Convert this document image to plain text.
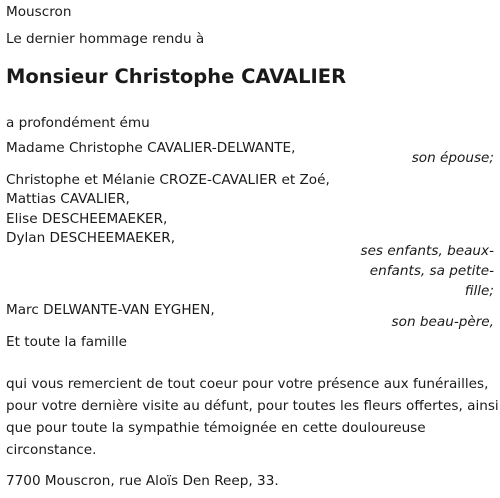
Mouscron
Le dernier hommage rendu à
Monsieur Christophe CAVALIER
a profondément ému
Madame Christophe CAVALIER-DELWANTE,
son épouse;
Christophe et Mélanie CROZE-CAVALIER et Zoé,
Mattias CAVALIER,
Elise DESCHEEMAEKER,
Dylan DESCHEEMAEKER,
ses enfants, beaux-
enfants, sa petite-
fille;
Marc DELWANTE-VAN EYGHEN,
son beau-père,
Et toute la famille
qui vous remercient de tout coeur pour votre présence aux funérailles,
pour votre dernière visite au défunt, pour toutes les fleurs offertes, ainsi
que pour toute la sympathie témoignée en cette douloureuse
circonstance.
7700 Mouscron, rue Aloïs Den Reep, 33.
